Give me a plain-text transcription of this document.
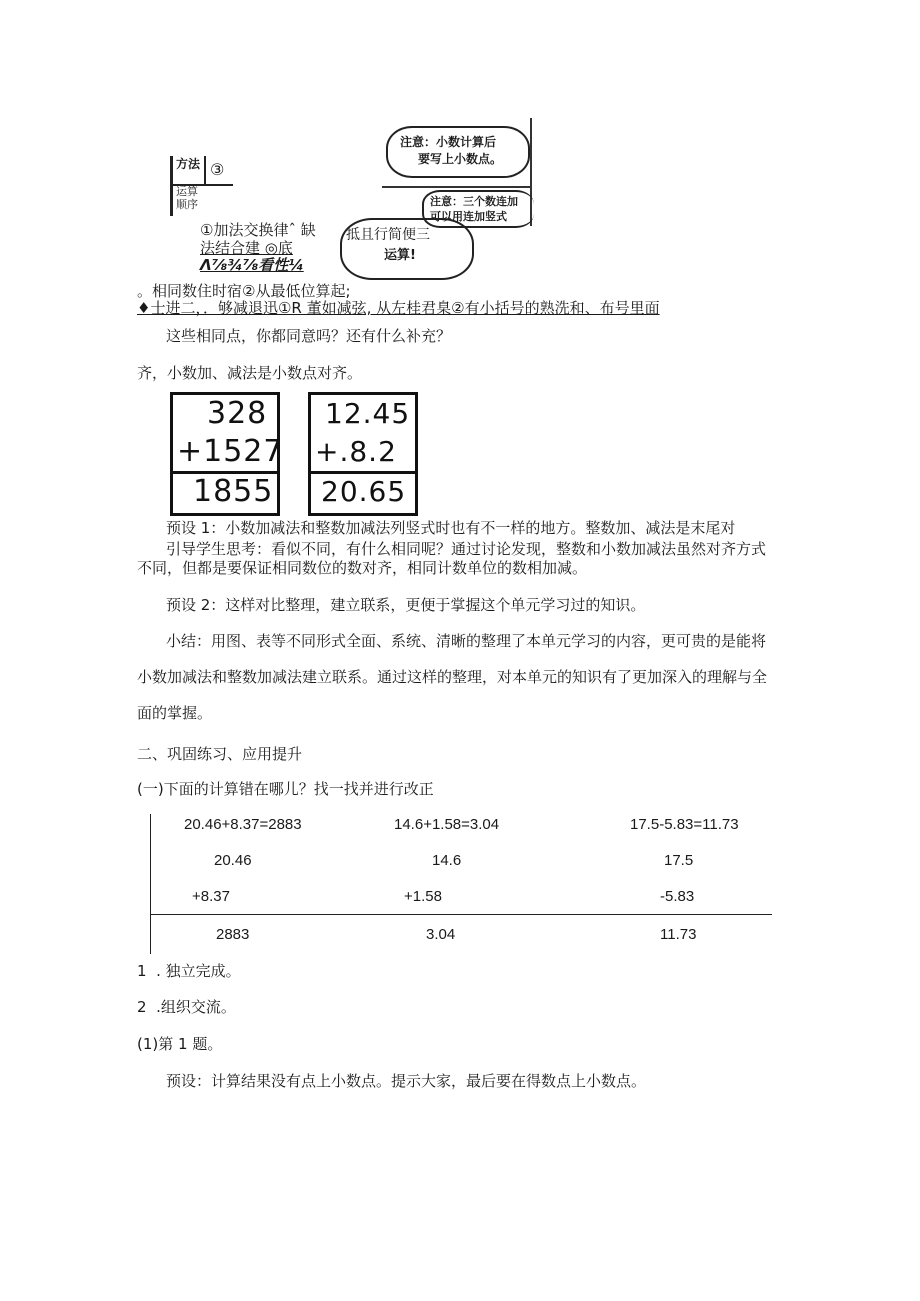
方法 ③
运算
顺序
①加法交换律ˆ 缺
法结合建 ◎底
Λ⅞¾⅞看性¼
注意：小数计算后
要写上小数点。
注意：三个数连加
可以用连加竖式
抵且行简便三
运算!
。相同数住时宿②从最低位算起;
♦士进二，．够减退迅①R 董如减弦, 从左桂君臬②有小括号的熟洗和、布号里面
这些相同点，你都同意吗？还有什么补充？
齐，小数加、减法是小数点对齐。
328
+1527
1855
12.45
+.8.2
20.65
预设 1：小数加减法和整数加减法列竖式时也有不一样的地方。整数加、减法是末尾对
引导学生思考：看似不同，有什么相同呢？通过讨论发现，整数和小数加减法虽然对齐方式
不同，但都是要保证相同数位的数对齐，相同计数单位的数相加减。
预设 2：这样对比整理，建立联系，更便于掌握这个单元学习过的知识。
小结：用图、表等不同形式全面、系统、清晰的整理了本单元学习的内容，更可贵的是能将
小数加减法和整数加减法建立联系。通过这样的整理，对本单元的知识有了更加深入的理解与全
面的掌握。
二、巩固练习、应用提升
(一)下面的计算错在哪儿？找一找并进行改正
20.46+8.37=2883	14.6+1.58=3.04	17.5-5.83=11.73
20.46	14.6	17.5
+8.37	+1.58	-5.83
2883	3.04	11.73
1  . 独立完成。
2  .组织交流。
(1)第 1 题。
预设：计算结果没有点上小数点。提示大家，最后要在得数点上小数点。
